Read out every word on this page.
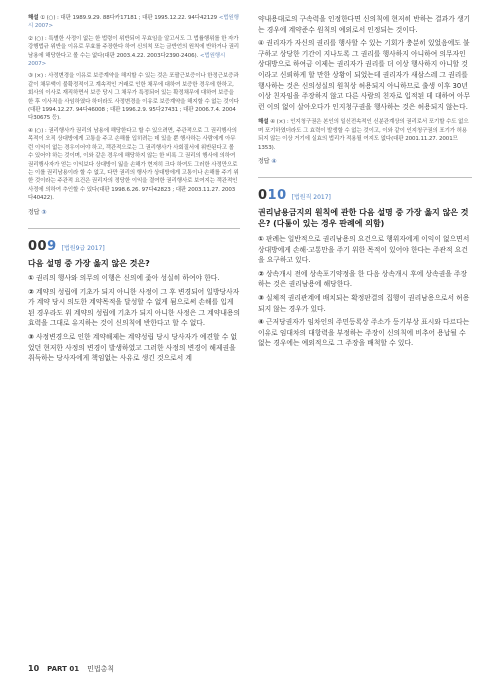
해설 ① (○) : 대판 1989.9.29. 88다카17181 ; 대판 1995.12.22. 94다42129 <법원행시 2007>

② (○) : 특별한 사정이 없는 한 법령이 위반되어 무효임을 알고서도 그 법률행위를 한 자가 강행법규 위반을 이유로 무효를 주장한다 하여 신의칙 또는 금반언의 원칙에 반하거나 권리남용에 해당한다고 볼 수는 없다(대판 2003.4.22. 2003다2390·2406). <법원행시 2007>

③ (×) : 사정변경을 이유로 보증계약을 해지할 수 있는 것은 포괄근보증이나 한정근보증과 같이 채무액이 불확정적이고 계속적인 거래로 인한 채무에 대하여 보증한 경우에 한하고, 회사의 이사로 재직하면서 보증 당시 그 채무가 특정되어 있는 확정채무에 대하여 보증을 한 후 이사직을 사임하였다 하더라도 사정변경을 이유로 보증계약을 해지할 수 없는 것이다(대판 1994.12.27. 94다46008 ; 대판 1996.2.9. 95다27431 ; 대판 2006.7.4. 2004다30675 등).

④ (○) : 권리행사가 권리의 남용에 해당한다고 할 수 있으려면, 주관적으로 그 권리행사의 목적이 오직 상대방에게 고통을 주고 손해를 입히려는 데 있을 뿐 행사하는 사람에게 아무런 이익이 없는 경우이어야 하고, 객관적으로는 그 권리행사가 사회질서에 위반된다고 볼 수 있어야 하는 것이며, 이와 같은 경우에 해당하지 않는 한 비록 그 권리의 행사에 의하여 권리행사자가 얻는 이익보다 상대방이 잃을 손해가 현저히 크다 하여도 그러한 사정만으로는 이를 권리남용이라 할 수 없고, 다만 권리의 행사가 상대방에게 고통이나 손해를 주기 위한 것이라는 주관적 요건은 권리자의 정당한 이익을 결여한 권리행사로 보여지는 객관적인 사정에 의하여 추인할 수 있다(대판 1998.6.26. 97다42823 ; 대판 2003.11.27. 2003다40422).

정답 ③
009 [법원9급 2017]
다음 설명 중 가장 옳지 않은 것은?

① 권리의 행사와 의무의 이행은 신의에 좇아 성실히 하여야 한다.

② 계약의 성립에 기초가 되지 아니한 사정이 그 후 변경되어 일방당사자가 계약 당시 의도한 계약목적을 달성할 수 없게 됨으로써 손해를 입게 된 경우라도 위 계약의 성립에 기초가 되지 아니한 사정은 그 계약내용의 효력을 그대로 유지하는 것이 신의칙에 반한다고 할 수 없다.

③ 사정변경으로 인한 계약해제는 계약성립 당시 당사자가 예견할 수 없었던 현저한 사정의 변경이 발생하였고 그러한 사정의 변경이 해제권을 취득하는 당사자에게 책임없는 사유로 생긴 것으로서 계

약내용대로의 구속력을 인정한다면 신의칙에 현저히 반하는 결과가 생기는 경우에 계약준수 원칙의 예외로서 인정되는 것이다.

④ 권리자가 자신의 권리를 행사할 수 있는 기회가 충분히 있었음에도 불구하고 상당한 기간이 지나도록 그 권리를 행사하지 아니하여 의무자인 상대방으로 하여금 이제는 권리자가 권리를 더 이상 행사하지 아니할 것이라고 신뢰하게 할 만한 상황이 되었는데 권리자가 새삼스레 그 권리를 행사하는 것은 신의성실의 원칙상 허용되지 아니하므로 출생 이후 30년 이상 친자임을 주장하지 않고 다른 사람의 친자로 입적된 데 대하여 아무런 이의 없이 살아오다가 인지청구권을 행사하는 것은 허용되지 않는다.

해설 ④ (×) : 인지청구권은 본인의 일신전속적인 신분관계상의 권리로서 포기할 수도 없으며 포기하였더라도 그 효력이 발생할 수 없는 것이고, 이와 같이 인지청구권의 포기가 허용되지 않는 이상 거기에 실효의 법리가 적용될 여지도 없다(대판 2001.11.27. 2001므1353).

정답 ④
010 [법원직 2017]
권리남용금지의 원칙에 관한 다음 설명 중 가장 옳지 않은 것은? (다툼이 있는 경우 판례에 의함)

① 판례는 일반적으로 권리남용의 요건으로 행위자에게 이익이 없으면서 상대방에게 손해·고통만을 주기 위한 목적이 있어야 한다는 주관적 요건을 요구하고 있다.

② 상속개시 전에 상속포기약정을 한 다음 상속개시 후에 상속권을 주장하는 것은 권리남용에 해당한다.

③ 실체적 권리관계에 배치되는 확정판결의 집행이 권리남용으로서 허용되지 않는 경우가 있다.

④ 근저당권자가 임차인의 주민등록상 주소가 등기부상 표시와 다르다는 이유로 임대차의 대항력을 부정하는 주장이 신의칙에 비추어 용납될 수 없는 경우에는 예외적으로 그 주장을 배척할 수 있다.

10 PART 01 민법총칙
